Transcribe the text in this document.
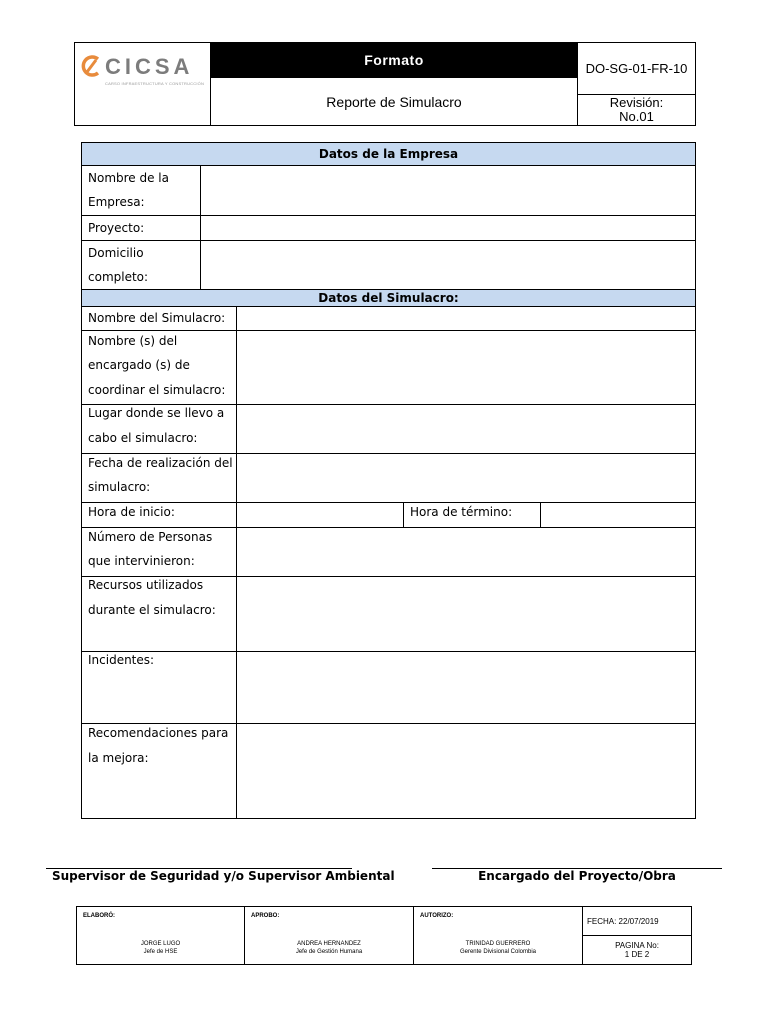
CICSA
CARSO INFRAESTRUCTURA Y CONSTRUCCIÓN
Formato
Reporte de Simulacro
DO-SG-01-FR-10
Revisión:
No.01
Datos de la Empresa
Nombre de la
Empresa:
Proyecto:
Domicilio
completo:
Datos del Simulacro:
Nombre del Simulacro:
Nombre (s) del
encargado (s) de
coordinar el simulacro:
Lugar donde se llevo a
cabo el simulacro:
Fecha de realización del
simulacro:
Hora de inicio:	Hora de término:
Número de Personas
que intervinieron:
Recursos utilizados
durante el simulacro:
Incidentes:
Recomendaciones para
la mejora:
Supervisor de Seguridad y/o Supervisor Ambiental	Encargado del Proyecto/Obra
ELABORÓ:
JORGE LUGO
Jefe de HSE
APROBO:
ANDREA HERNANDEZ
Jefe de Gestión Humana
AUTORIZO:
TRINIDAD GUERRERO
Gerente Divisional Colombia
FECHA: 22/07/2019
PAGINA No:
1 DE 2
